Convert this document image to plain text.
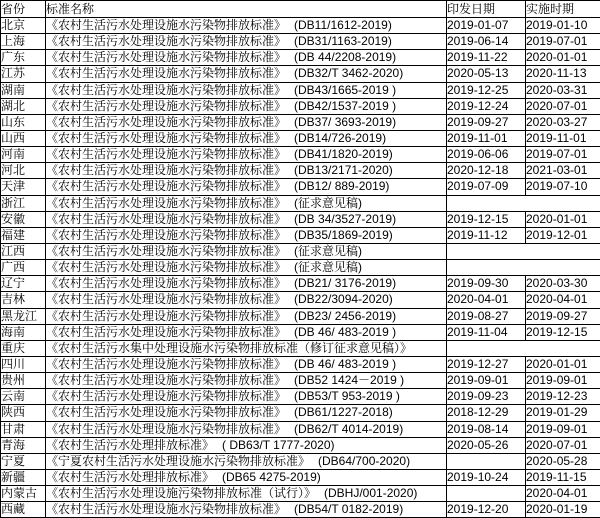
省份	标准名称	印发日期	实施时期
北京	《农村生活污水处理设施水污染物排放标准》 (DB11/1612-2019)	2019-01-07	2019-01-10
上海	《农村生活污水处理设施水污染物排放标准》 (DB31/1163-2019)	2019-06-14	2019-07-01
广东	《农村生活污水处理设施水污染物排放标准》 (DB 44/2208-2019)	2019-11-22	2020-01-01
江苏	《农村生活污水处理设施水污染物排放标准》 (DB32/T 3462-2020)	2020-05-13	2020-11-13
湖南	《农村生活污水处理设施水污染物排放标准》 (DB43/1665-2019 )	2019-12-25	2020-03-31
湖北	《农村生活污水处理设施水污染物排放标准》 (DB42/1537-2019 )	2019-12-24	2020-07-01
山东	《农村生活污水处理设施水污染物排放标准》 (DB37/ 3693-2019)	2019-09-27	2020-03-27
山西	《农村生活污水处理设施水污染物排放标准》 (DB14/726-2019)	2019-11-01	2019-11-01
河南	《农村生活污水处理设施水污染物排放标准》 (DB41/1820-2019)	2019-06-06	2019-07-01
河北	《农村生活污水处理设施水污染物排放标准》 (DB13/2171-2020)	2020-12-18	2021-03-01
天津	《农村生活污水处理设施水污染物排放标准》 (DB12/ 889-2019)	2019-07-09	2019-07-10
浙江	《农村生活污水处理设施水污染物排放标准》 (征求意见稿)		
安徽	《农村生活污水处理设施水污染物排放标准》 (DB 34/3527-2019)	2019-12-15	2020-01-01
福建	《农村生活污水处理设施水污染物排放标准》 (DB35/1869-2019)	2019-11-12	2019-12-01
江西	《农村生活污水处理设施水污染物排放标准》 (征求意见稿)		
广西	《农村生活污水处理设施水污染物排放标准》 (征求意见稿)		
辽宁	《农村生活污水处理设施水污染物排放标准》 (DB21/ 3176-2019)	2019-09-30	2020-03-30
吉林	《农村生活污水处理设施水污染物排放标准》 (DB22/3094-2020)	2020-04-01	2020-04-01
黑龙江	《农村生活污水处理设施水污染物排放标准》 (DB23/ 2456-2019)	2019-08-27	2019-09-27
海南	《农村生活污水处理设施水污染物排放标准》 (DB 46/ 483-2019 )	2019-11-04	2019-12-15
重庆	《农村生活污水集中处理设施水污染物排放标准（修订征求意见稿）》		
四川	《农村生活污水处理设施水污染物排放标准》 (DB 46/ 483-2019 )	2019-12-27	2020-01-01
贵州	《农村生活污水处理设施水污染物排放标准》 (DB52 1424－2019 )	2019-09-01	2019-09-01
云南	《农村生活污水处理设施水污染物排放标准》 (DB53/T 953-2019 )	2019-09-23	2019-12-23
陕西	《农村生活污水处理设施水污染物排放标准》 (DB61/1227-2018)	2018-12-29	2019-01-29
甘肃	《农村生活污水处理设施水污染物排放标准》 (DB62/T 4014-2019)	2019-08-14	2019-09-01
青海	《农村生活污水处理排放标准》 ( DB63/T 1777-2020)	2020-05-26	2020-07-01
宁夏	《宁夏农村生活污水处理设施水污染物排放标准》 (DB64/700-2020)		2020-05-28
新疆	《农村生活污水处理排放标准》 (DB65 4275-2019)	2019-10-24	2019-11-15
内蒙古	《农村生活污水处理设施污染物排放标准（试行）》 (DBHJ/001-2020)		2020-04-01
西藏	《农村生活污水处理设施水污染物排放标准》 (DB54/T 0182-2019)	2019-12-20	2020-01-19
